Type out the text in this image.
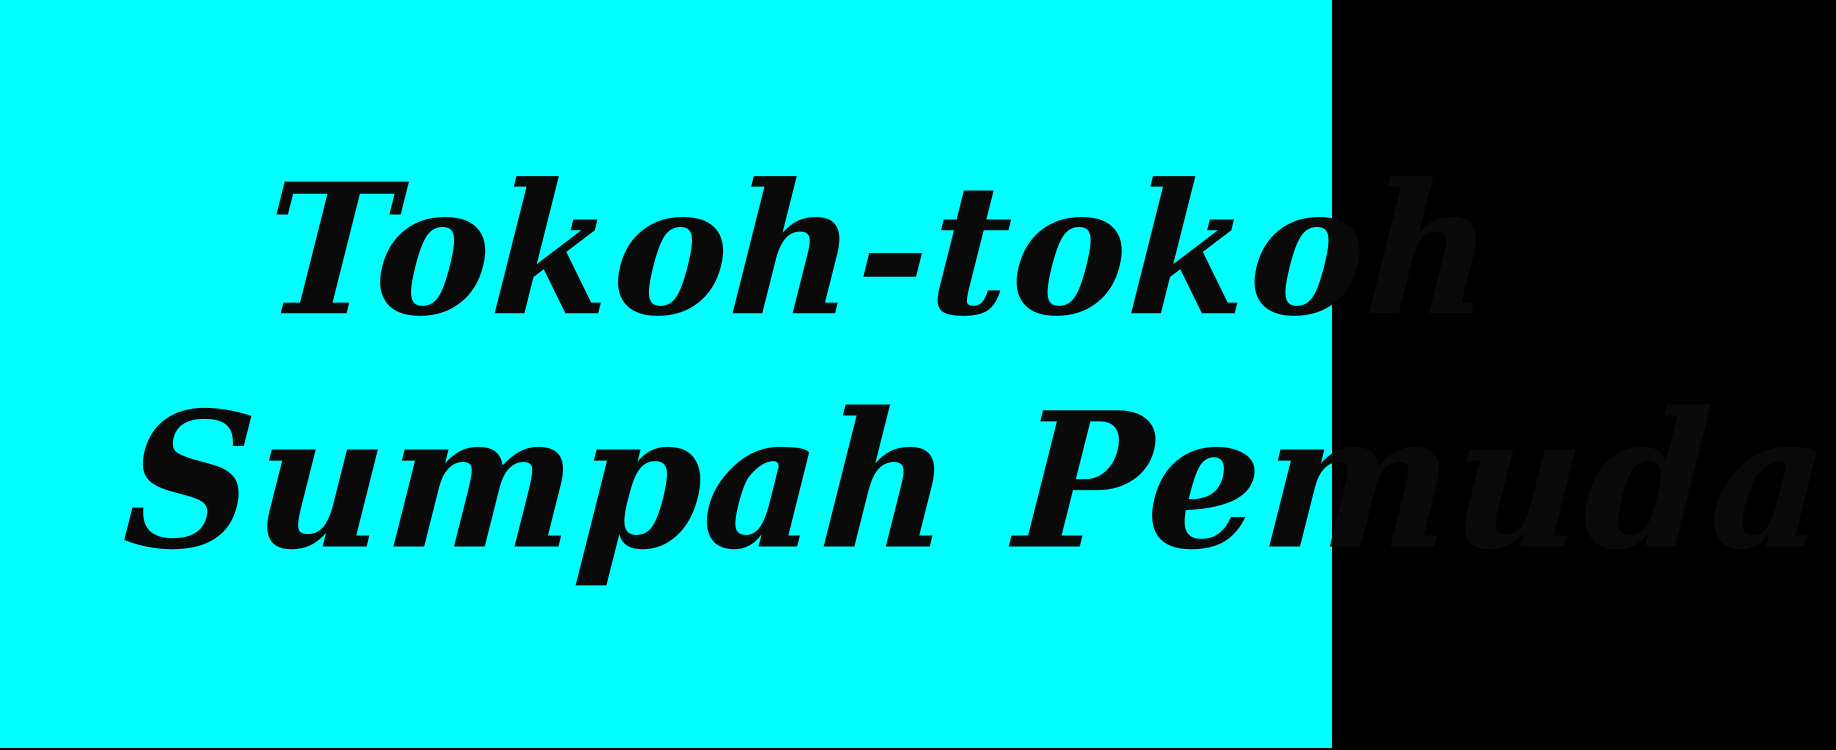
Tokoh-tokoh
Sumpah Pemuda
